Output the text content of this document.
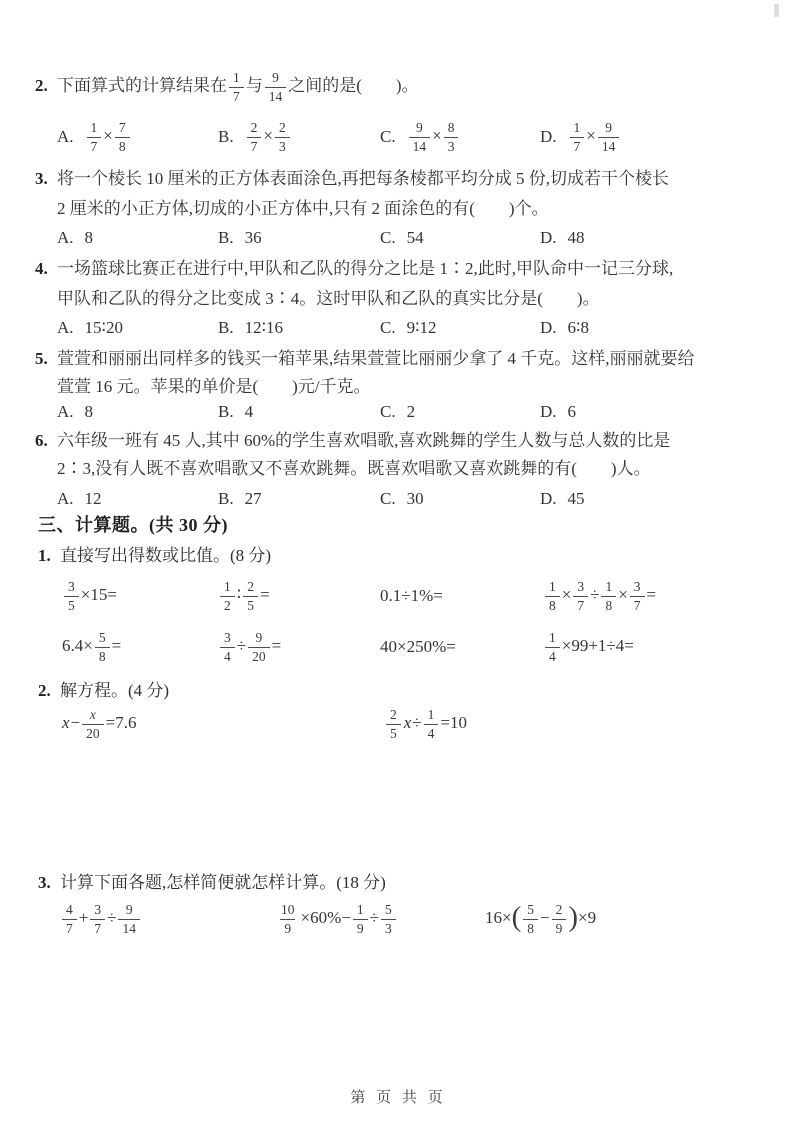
2. 下面算式的计算结果在 $\frac{1}{7}$ 与 $\frac{9}{14}$ 之间的是(　　)。
A. $\frac{1}{7} \times \frac{7}{8}$	B. $\frac{2}{7} \times \frac{2}{3}$	C. $\frac{9}{14} \times \frac{8}{3}$	D. $\frac{1}{7} \times \frac{9}{14}$
3. 将一个棱长 10 厘米的正方体表面涂色,再把每条棱都平均分成 5 份,切成若干个棱长
2 厘米的小正方体,切成的小正方体中,只有 2 面涂色的有(　　)个。
A. 8	B. 36	C. 54	D. 48
4. 一场篮球比赛正在进行中,甲队和乙队的得分之比是 1∶2,此时,甲队命中一记三分球,
甲队和乙队的得分之比变成 3∶4。这时甲队和乙队的真实比分是(　　)。
A. 15∶20	B. 12∶16	C. 9∶12	D. 6∶8
5. 萱萱和丽丽出同样多的钱买一箱苹果,结果萱萱比丽丽少拿了 4 千克。这样,丽丽就要给
萱萱 16 元。苹果的单价是(　　)元/千克。
A. 8	B. 4	C. 2	D. 6
6. 六年级一班有 45 人,其中 60%的学生喜欢唱歌,喜欢跳舞的学生人数与总人数的比是
2∶3,没有人既不喜欢唱歌又不喜欢跳舞。既喜欢唱歌又喜欢跳舞的有(　　)人。
A. 12	B. 27	C. 30	D. 45
三、计算题。(共 30 分)
1. 直接写出得数或比值。(8 分)
$\frac{3}{5} \times 15=$	$\frac{1}{2}$ ∶ $\frac{2}{5}$ =	0.1÷1%=	$\frac{1}{8} \times \frac{3}{7} \div \frac{1}{8} \times \frac{3}{7}$ =
$6.4\times \frac{5}{8}$ =	$\frac{3}{4} \div \frac{9}{20}$ =	40×250%=	$\frac{1}{4} \times 99+1\div 4=$
2. 解方程。(4 分)
$x- \frac{x}{20} =7.6$	$\frac{2}{5} x\div \frac{1}{4} =10$
3. 计算下面各题,怎样简便就怎样计算。(18 分)
$\frac{4}{7} + \frac{3}{7} \div \frac{9}{14}$	$\frac{10}{9} \times 60\%- \frac{1}{9} \div \frac{5}{3}$	$16\times( \frac{5}{8} - \frac{2}{9} )\times 9$
第 页 共 页
